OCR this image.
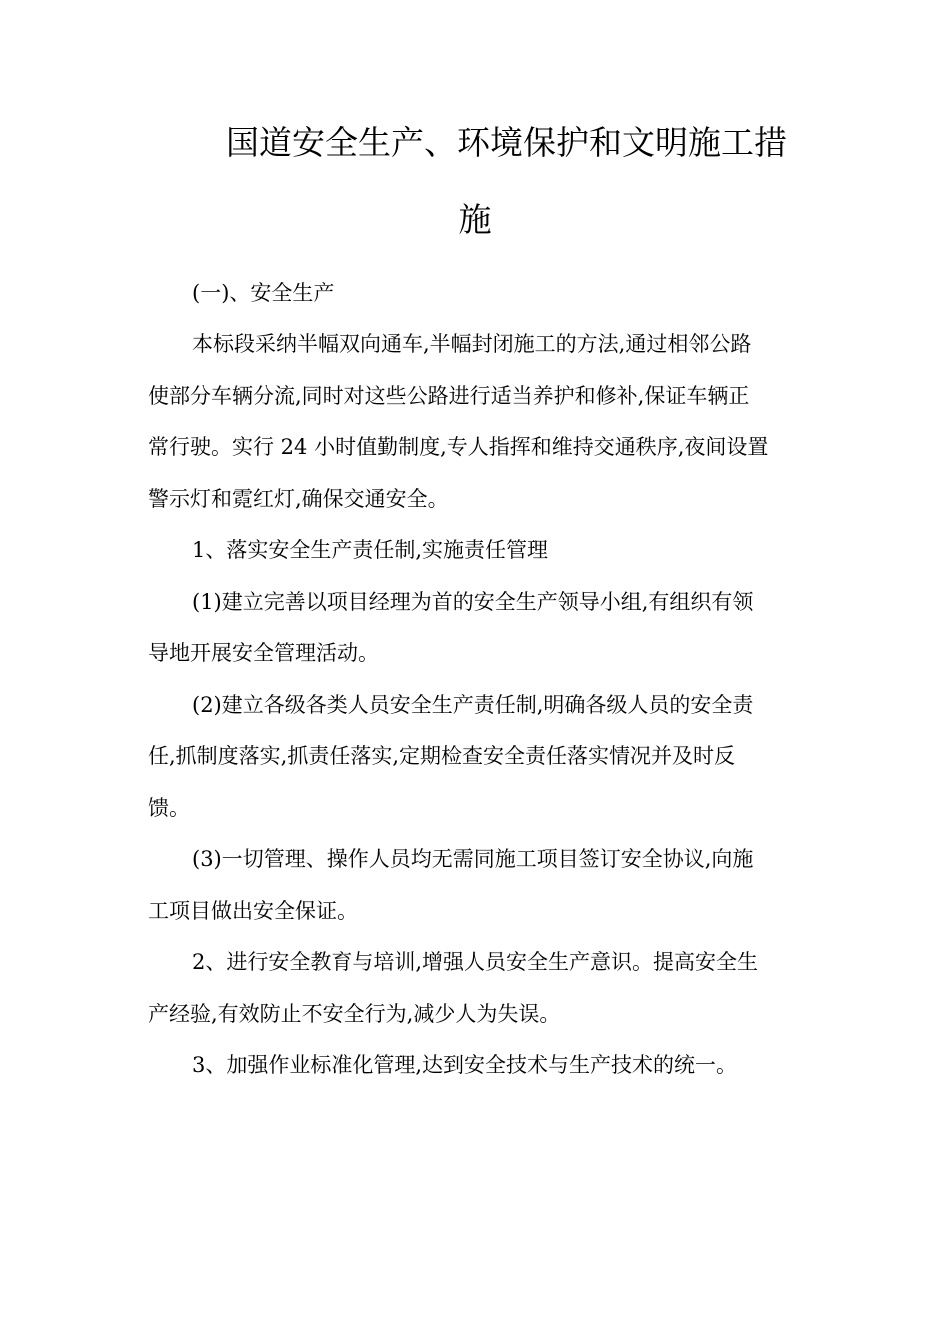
国道安全生产、环境保护和文明施工措
施
(一)、安全生产
本标段采纳半幅双向通车,半幅封闭施工的方法,通过相邻公路
使部分车辆分流,同时对这些公路进行适当养护和修补,保证车辆正
常行驶。实行 24 小时值勤制度,专人指挥和维持交通秩序,夜间设置
警示灯和霓红灯,确保交通安全。
1、落实安全生产责任制,实施责任管理
(1)建立完善以项目经理为首的安全生产领导小组,有组织有领
导地开展安全管理活动。
(2)建立各级各类人员安全生产责任制,明确各级人员的安全责
任,抓制度落实,抓责任落实,定期检查安全责任落实情况并及时反
馈。
(3)一切管理、操作人员均无需同施工项目签订安全协议,向施
工项目做出安全保证。
2、进行安全教育与培训,增强人员安全生产意识。提高安全生
产经验,有效防止不安全行为,减少人为失误。
3、加强作业标准化管理,达到安全技术与生产技术的统一。
